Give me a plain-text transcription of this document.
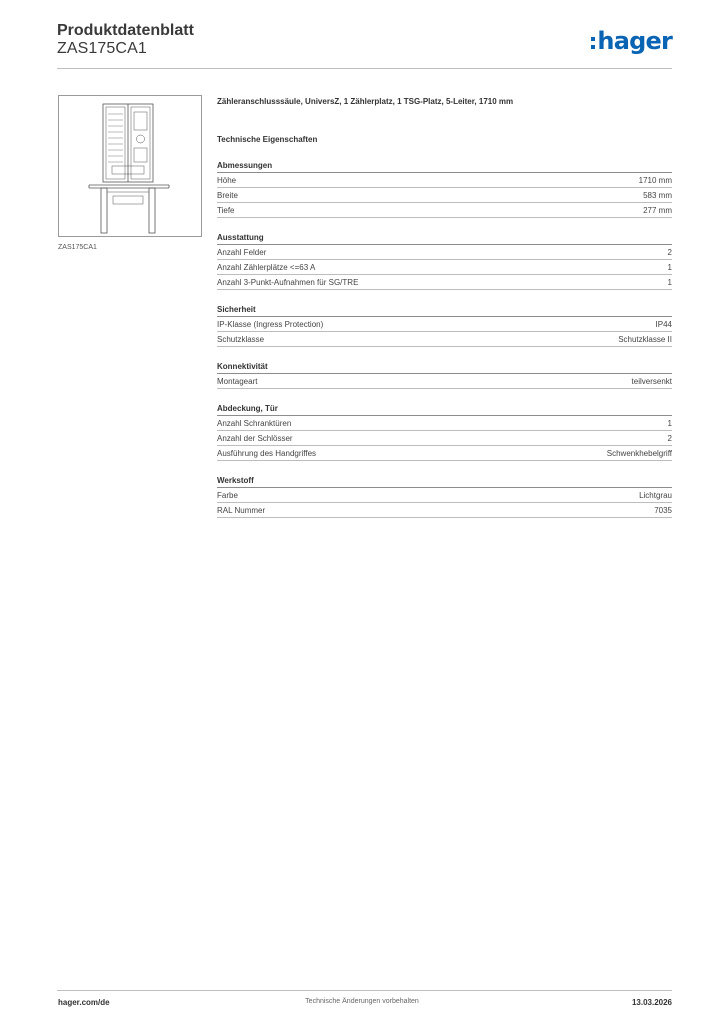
Produktdatenblatt
ZAS175CA1	hager
ZAS175CA1
Zähleranschlusssäule, UniversZ, 1 Zählerplatz, 1 TSG-Platz, 5-Leiter, 1710 mm
Technische Eigenschaften
Abmessungen
Höhe	1710 mm
Breite	583 mm
Tiefe	277 mm
Ausstattung
Anzahl Felder	2
Anzahl Zählerplätze <=63 A	1
Anzahl 3-Punkt-Aufnahmen für SG/TRE	1
Sicherheit
IP-Klasse (Ingress Protection)	IP44
Schutzklasse	Schutzklasse II
Konnektivität
Montageart	teilversenkt
Abdeckung, Tür
Anzahl Schranktüren	1
Anzahl der Schlösser	2
Ausführung des Handgriffes	Schwenkhebelgriff
Werkstoff
Farbe	Lichtgrau
RAL Nummer	7035
hager.com/de	Technische Änderungen vorbehalten	13.03.2026
